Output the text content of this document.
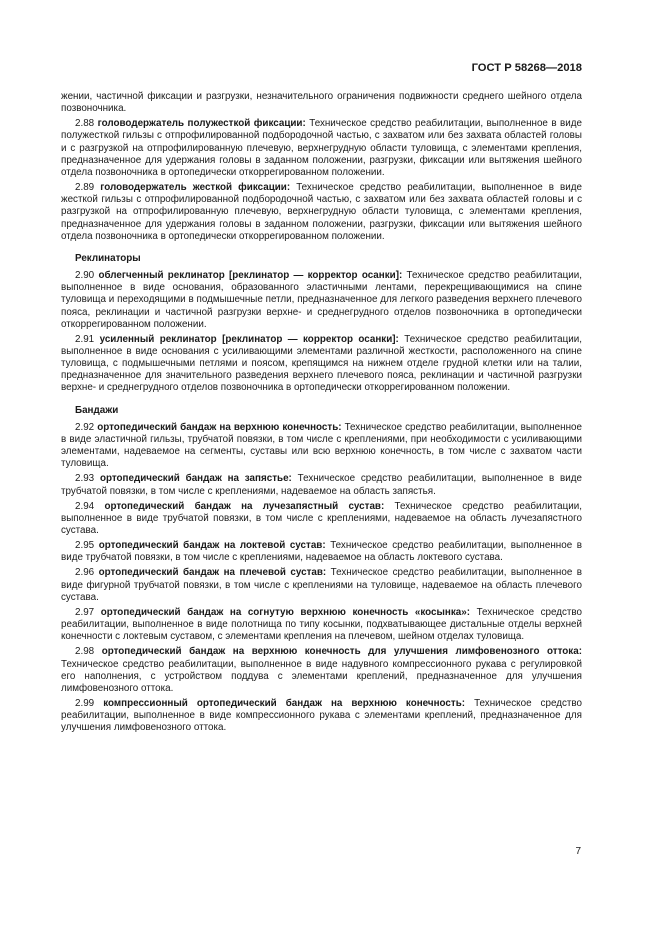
ГОСТ Р 58268—2018

жении, частичной фиксации и разгрузки, незначительного ограничения подвижности среднего шейного отдела позвоночника.

2.88 головодержатель полужесткой фиксации: Техническое средство реабилитации, выполненное в виде полужесткой гильзы с отпрофилированной подбородочной частью, с захватом или без захвата областей головы и с разгрузкой на отпрофилированную плечевую, верхнегрудную области туловища, с элементами крепления, предназначенное для удержания головы в заданном положении, разгрузки, фиксации или вытяжения шейного отдела позвоночника в ортопедически откоррегированном положении.

2.89 головодержатель жесткой фиксации: Техническое средство реабилитации, выполненное в виде жесткой гильзы с отпрофилированной подбородочной частью, с захватом или без захвата областей головы и с разгрузкой на отпрофилированную плечевую, верхнегрудную области туловища, с элементами крепления, предназначенное для удержания головы в заданном положении, разгрузки, фиксации или вытяжения шейного отдела позвоночника в ортопедически откоррегированном положении.

Реклинаторы

2.90 облегченный реклинатор [реклинатор — корректор осанки]: Техническое средство реабилитации, выполненное в виде основания, образованного эластичными лентами, перекрещивающимися на спине туловища и переходящими в подмышечные петли, предназначенное для легкого разведения верхнего плечевого пояса, реклинации и частичной разгрузки верхне- и среднегрудного отделов позвоночника в ортопедически откоррегированном положении.

2.91 усиленный реклинатор [реклинатор — корректор осанки]: Техническое средство реабилитации, выполненное в виде основания с усиливающими элементами различной жесткости, расположенного на спине туловища, с подмышечными петлями и поясом, крепящимся на нижнем отделе грудной клетки или на талии, предназначенное для значительного разведения верхнего плечевого пояса, реклинации и частичной разгрузки верхне- и среднегрудного отделов позвоночника в ортопедически откоррегированном положении.

Бандажи

2.92 ортопедический бандаж на верхнюю конечность: Техническое средство реабилитации, выполненное в виде эластичной гильзы, трубчатой повязки, в том числе с креплениями, при необходимости с усиливающими элементами, надеваемое на сегменты, суставы или всю верхнюю конечность, в том числе с захватом части туловища.

2.93 ортопедический бандаж на запястье: Техническое средство реабилитации, выполненное в виде трубчатой повязки, в том числе с креплениями, надеваемое на область запястья.

2.94 ортопедический бандаж на лучезапястный сустав: Техническое средство реабилитации, выполненное в виде трубчатой повязки, в том числе с креплениями, надеваемое на область лучезапястного сустава.

2.95 ортопедический бандаж на локтевой сустав: Техническое средство реабилитации, выполненное в виде трубчатой повязки, в том числе с креплениями, надеваемое на область локтевого сустава.

2.96 ортопедический бандаж на плечевой сустав: Техническое средство реабилитации, выполненное в виде фигурной трубчатой повязки, в том числе с креплениями на туловище, надеваемое на область плечевого сустава.

2.97 ортопедический бандаж на согнутую верхнюю конечность «косынка»: Техническое средство реабилитации, выполненное в виде полотнища по типу косынки, подхватывающее дистальные отделы верхней конечности с локтевым суставом, с элементами крепления на плечевом, шейном отделах туловища.

2.98 ортопедический бандаж на верхнюю конечность для улучшения лимфовенозного оттока: Техническое средство реабилитации, выполненное в виде надувного компрессионного рукава с регулировкой его наполнения, с устройством поддува с элементами креплений, предназначенное для улучшения лимфовенозного оттока.

2.99 компрессионный ортопедический бандаж на верхнюю конечность: Техническое средство реабилитации, выполненное в виде компрессионного рукава с элементами креплений, предназначенное для улучшения лимфовенозного оттока.

7
